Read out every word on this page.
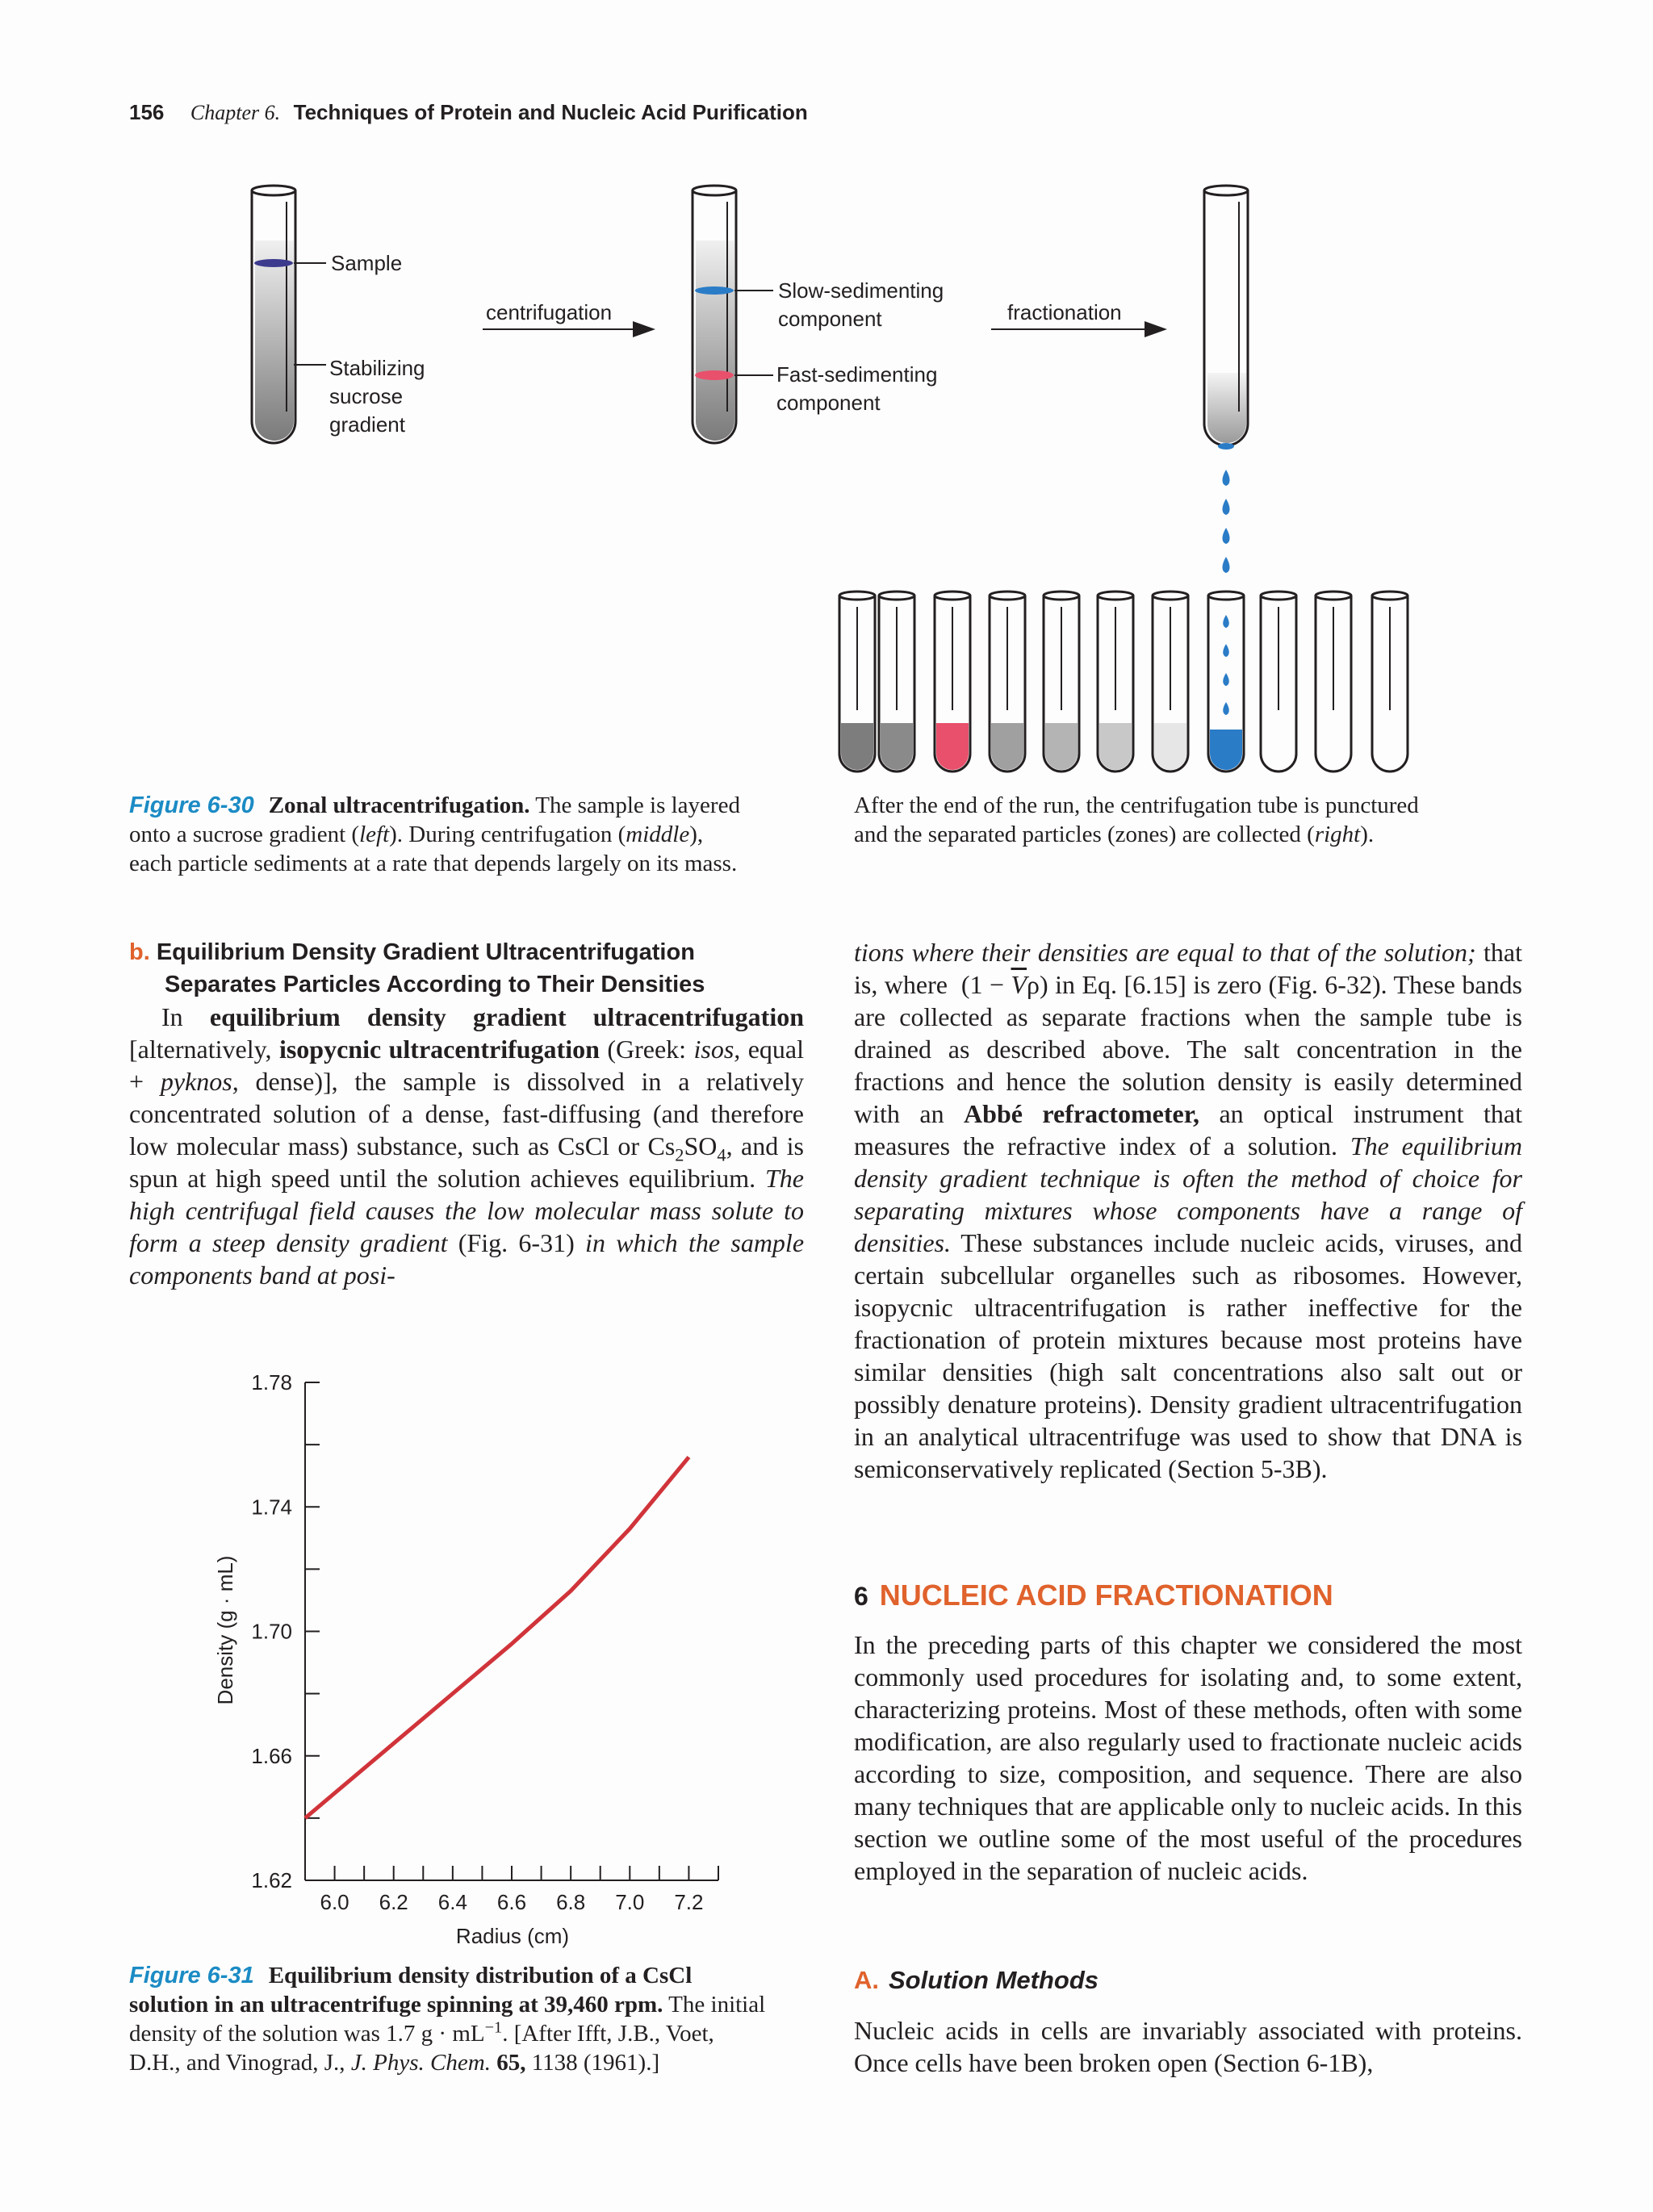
156 Chapter 6. Techniques of Protein and Nucleic Acid Purification
Sample
Stabilizing
sucrose
gradient
centrifugation
Slow-sedimenting
component
Fast-sedimenting
component
fractionation
Figure 6-30 Zonal ultracentrifugation. The sample is layered
onto a sucrose gradient (left). During centrifugation (middle),
each particle sediments at a rate that depends largely on its mass.
After the end of the run, the centrifugation tube is punctured
and the separated particles (zones) are collected (right).
b. Equilibrium Density Gradient Ultracentrifugation
Separates Particles According to Their Densities

In equilibrium density gradient ultracentrifugation [alternatively, isopycnic ultracentrifugation (Greek: isos, equal + pyknos, dense)], the sample is dissolved in a relatively concentrated solution of a dense, fast-diffusing (and therefore low molecular mass) substance, such as CsCl or $Cs_2SO_4$, and is spun at high speed until the solution achieves equilibrium. The high centrifugal field causes the low molecular mass solute to form a steep density gradient (Fig. 6-31) in which the sample components band at posi-

1.62
1.66
1.70
1.74
1.78
6.0 6.2 6.4 6.6 6.8 7.0 7.2
Radius (cm)
Density (g · mL)
Figure 6-31 Equilibrium density distribution of a CsCl
solution in an ultracentrifuge spinning at 39,460 rpm. The initial
density of the solution was 1.7 $g \cdot mL^{-1}$. [After Ifft, J.B., Voet,
D.H., and Vinograd, J., J. Phys. Chem. 65, 1138 (1961).]

tions where their densities are equal to that of the solution; that is, where  $(1 - \overline{V}\rho)$ in Eq. [6.15] is zero (Fig. 6-32). These bands are collected as separate fractions when the sample tube is drained as described above. The salt concentration in the fractions and hence the solution density is easily determined with an Abbé refractometer, an optical instrument that measures the refractive index of a solution. The equilibrium density gradient technique is often the method of choice for separating mixtures whose components have a range of densities. These substances include nucleic acids, viruses, and certain subcellular organelles such as ribosomes. However, isopycnic ultracentrifugation is rather ineffective for the fractionation of protein mixtures because most proteins have similar densities (high salt concentrations also salt out or possibly denature proteins). Density gradient ultracentrifugation in an analytical ultracentrifuge was used to show that DNA is semiconservatively replicated (Section 5-3B).

6 NUCLEIC ACID FRACTIONATION

In the preceding parts of this chapter we considered the most commonly used procedures for isolating and, to some extent, characterizing proteins. Most of these methods, often with some modification, are also regularly used to fractionate nucleic acids according to size, composition, and sequence. There are also many techniques that are applicable only to nucleic acids. In this section we outline some of the most useful of the procedures employed in the separation of nucleic acids.

A. Solution Methods

Nucleic acids in cells are invariably associated with proteins. Once cells have been broken open (Section 6-1B),
